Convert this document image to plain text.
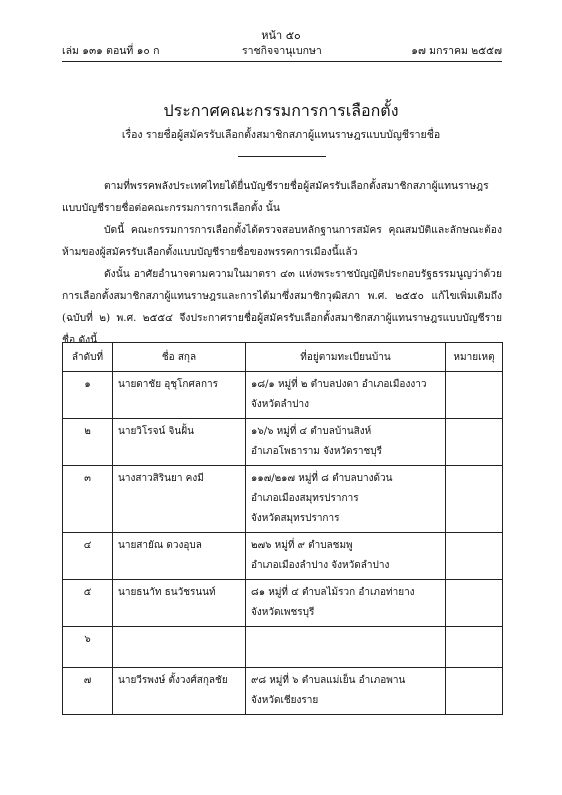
หน้า ๕๐
เล่ม ๑๓๑ ตอนที่ ๑๐ ก	ราชกิจจานุเบกษา	๑๗ มกราคม ๒๕๕๗
ประกาศคณะกรรมการการเลือกตั้ง
เรื่อง รายชื่อผู้สมัครรับเลือกตั้งสมาชิกสภาผู้แทนราษฎรแบบบัญชีรายชื่อ
ตามที่พรรคพลังประเทศไทยได้ยื่นบัญชีรายชื่อผู้สมัครรับเลือกตั้งสมาชิกสภาผู้แทนราษฎรแบบบัญชีรายชื่อต่อคณะกรรมการการเลือกตั้ง นั้น
บัดนี้ คณะกรรมการการเลือกตั้งได้ตรวจสอบหลักฐานการสมัคร คุณสมบัติและลักษณะต้องห้ามของผู้สมัครรับเลือกตั้งแบบบัญชีรายชื่อของพรรคการเมืองนี้แล้ว
ดังนั้น อาศัยอำนาจตามความในมาตรา ๔๓ แห่งพระราชบัญญัติประกอบรัฐธรรมนูญว่าด้วยการเลือกตั้งสมาชิกสภาผู้แทนราษฎรและการได้มาซึ่งสมาชิกวุฒิสภา พ.ศ. ๒๕๕๐ แก้ไขเพิ่มเติมถึง (ฉบับที่ ๒) พ.ศ. ๒๕๕๔ จึงประกาศรายชื่อผู้สมัครรับเลือกตั้งสมาชิกสภาผู้แทนราษฎรแบบบัญชีรายชื่อ ดังนี้
ลำดับที่	ชื่อ สกุล	ที่อยู่ตามทะเบียนบ้าน	หมายเหตุ
๑	นายดาชัย อุชุโกศลการ	๑๘/๑ หมู่ที่ ๒ ตำบลปงดา อำเภอเมืองงาว
จังหวัดลำปาง	

๒	นายวิโรจน์ จินฝั้น	๑๖/๖ หมู่ที่ ๔ ตำบลบ้านสิงห์
อำเภอโพธาราม จังหวัดราชบุรี	

๓	นางสาวสิรินยา คงมี	๑๑๗/๒๑๗ หมู่ที่ ๘ ตำบลบางด้วน
อำเภอเมืองสมุทรปราการ
จังหวัดสมุทรปราการ	

๔	นายสายัณ ดวงอุบล	๒๗๖ หมู่ที่ ๙ ตำบลชมพู
อำเภอเมืองลำปาง จังหวัดลำปาง	

๕	นายธนาัท ธนวัชรนนท์	๘๑ หมู่ที่ ๔ ตำบลไม้รวก อำเภอท่ายาง
จังหวัดเพชรบุรี	

๖		

๗	นายวีรพงษ์ ตั้งวงศ์สกุลชัย	๙๘ หมู่ที่ ๖ ตำบลแม่เย็น อำเภอพาน
จังหวัดเชียงราย	
